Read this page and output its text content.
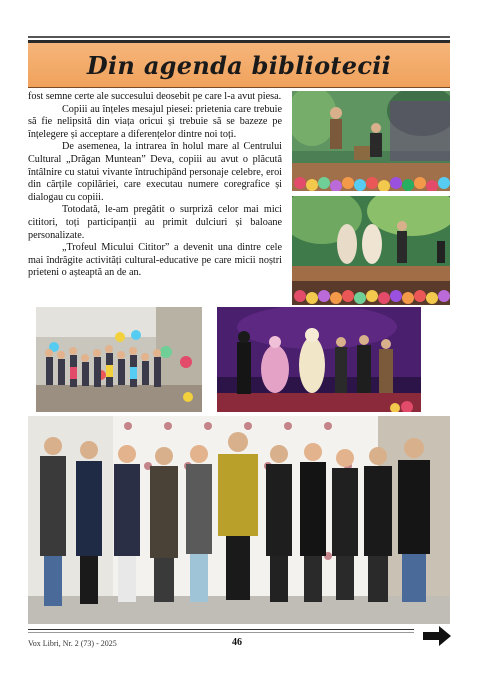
Din agenda bibliotecii

fost semne certe ale succesului deosebit pe care l-a avut piesa.

Copiii au înțeles mesajul piesei: prietenia care trebuie să fie nelipsită din viața oricui și trebuie să se bazeze pe înțelegere și acceptare a diferențelor dintre noi toți.

De asemenea, la intrarea în holul mare al Centrului Cultural „Drăgan Muntean” Deva, copiii au avut o plăcută întâlnire cu statui vivante întruchipând personaje celebre, eroi din cărțile copilăriei, care executau numere coregrafice și dialogau cu copiii.

Totodată, le-am pregătit o surpriză celor mai mici cititori, toți participanții au primit dulciuri și baloane personalizate.

„Trofeul Micului Cititor” a devenit una dintre cele mai îndrăgite activități cultural-educative pe care micii noștri prieteni o așteaptă an de an.

Vox Libri, Nr. 2 (73) - 2025	46
